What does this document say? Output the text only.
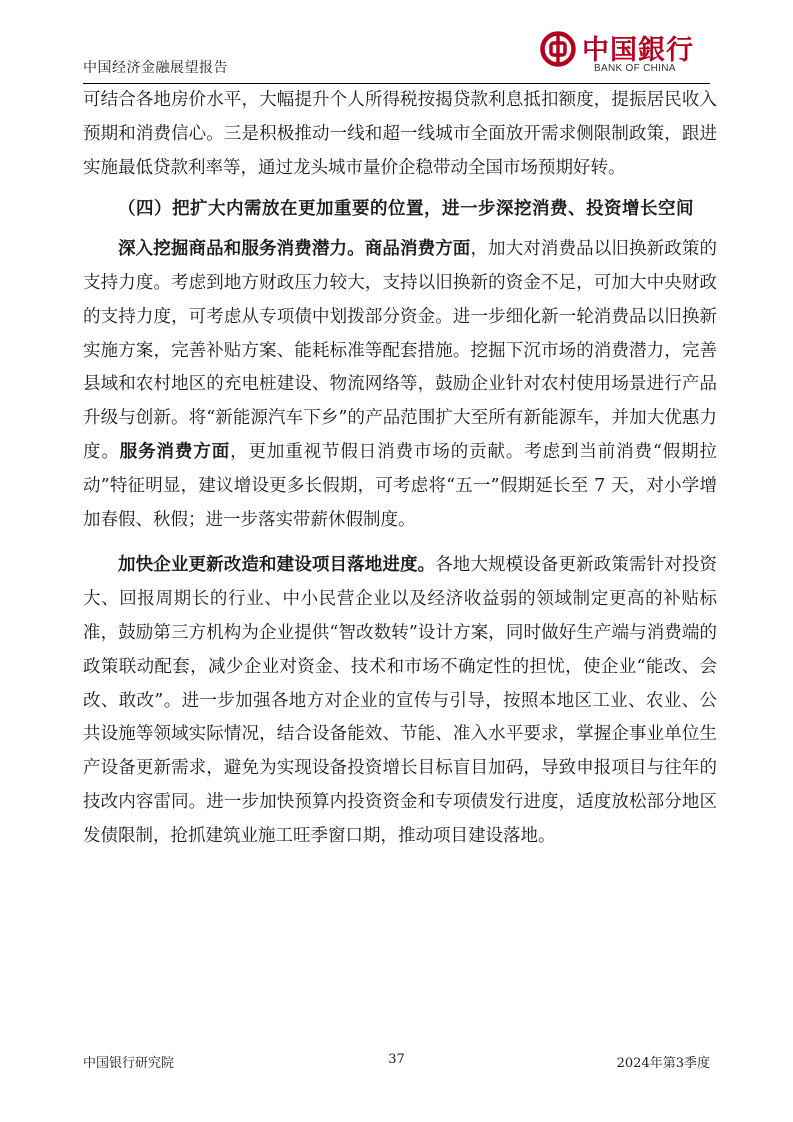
中国经济金融展望报告
中国銀行
BANK OF CHINA

可结合各地房价水平，大幅提升个人所得税按揭贷款利息抵扣额度，提振居民收入预期和消费信心。三是积极推动一线和超一线城市全面放开需求侧限制政策，跟进实施最低贷款利率等，通过龙头城市量价企稳带动全国市场预期好转。

（四）把扩大内需放在更加重要的位置，进一步深挖消费、投资增长空间

深入挖掘商品和服务消费潜力。商品消费方面，加大对消费品以旧换新政策的支持力度。考虑到地方财政压力较大，支持以旧换新的资金不足，可加大中央财政的支持力度，可考虑从专项债中划拨部分资金。进一步细化新一轮消费品以旧换新实施方案，完善补贴方案、能耗标准等配套措施。挖掘下沉市场的消费潜力，完善县域和农村地区的充电桩建设、物流网络等，鼓励企业针对农村使用场景进行产品升级与创新。将“新能源汽车下乡”的产品范围扩大至所有新能源车，并加大优惠力度。服务消费方面，更加重视节假日消费市场的贡献。考虑到当前消费“假期拉动”特征明显，建议增设更多长假期，可考虑将“五一”假期延长至 7 天，对小学增加春假、秋假；进一步落实带薪休假制度。

加快企业更新改造和建设项目落地进度。各地大规模设备更新政策需针对投资大、回报周期长的行业、中小民营企业以及经济收益弱的领域制定更高的补贴标准，鼓励第三方机构为企业提供“智改数转”设计方案，同时做好生产端与消费端的政策联动配套，减少企业对资金、技术和市场不确定性的担忧，使企业“能改、会改、敢改”。进一步加强各地方对企业的宣传与引导，按照本地区工业、农业、公共设施等领域实际情况，结合设备能效、节能、准入水平要求，掌握企事业单位生产设备更新需求，避免为实现设备投资增长目标盲目加码，导致申报项目与往年的技改内容雷同。进一步加快预算内投资资金和专项债发行进度，适度放松部分地区发债限制，抢抓建筑业施工旺季窗口期，推动项目建设落地。

中国银行研究院	37	2024年第3季度
